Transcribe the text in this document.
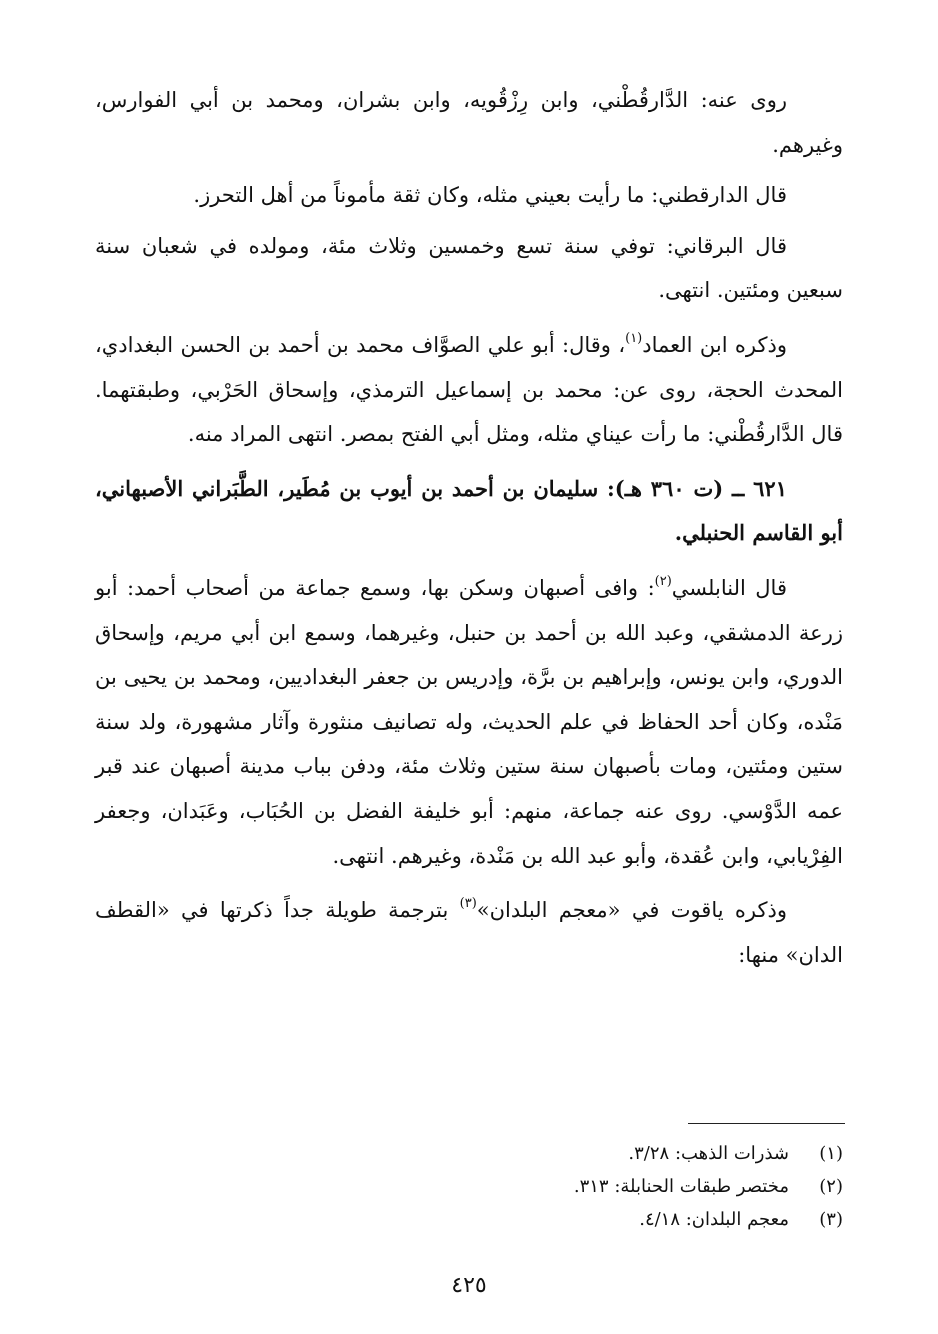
روى عنه: الدَّارقُطْني، وابن رِزْقُويه، وابن بشران، ومحمد بن أبي الفوارس، وغيرهم.

قال الدارقطني: ما رأيت بعيني مثله، وكان ثقة مأموناً من أهل التحرز.

قال البرقاني: توفي سنة تسع وخمسين وثلاث مئة، ومولده في شعبان سنة سبعين ومئتين. انتهى.

وذكره ابن العماد$^{(١)}$، وقال: أبو علي الصوَّاف محمد بن أحمد بن الحسن البغدادي، المحدث الحجة، روى عن: محمد بن إسماعيل الترمذي، وإسحاق الحَرْبي، وطبقتهما. قال الدَّارقُطْني: ما رأت عيناي مثله، ومثل أبي الفتح بمصر. انتهى المراد منه.

٦٢١ ــ (ت ٣٦٠ هـ): سليمان بن أحمد بن أيوب بن مُطَير، الطَّبَراني الأصبهاني، أبو القاسم الحنبلي.

قال النابلسي$^{(٢)}$: وافى أصبهان وسكن بها، وسمع جماعة من أصحاب أحمد: أبو زرعة الدمشقي، وعبد الله بن أحمد بن حنبل، وغيرهما، وسمع ابن أبي مريم، وإسحاق الدوري، وابن يونس، وإبراهيم بن برَّة، وإدريس بن جعفر البغداديين، ومحمد بن يحيى بن مَنْده، وكان أحد الحفاظ في علم الحديث، وله تصانيف منثورة وآثار مشهورة، ولد سنة ستين ومئتين، ومات بأصبهان سنة ستين وثلاث مئة، ودفن بباب مدينة أصبهان عند قبر عمه الدَّوْسي. روى عنه جماعة، منهم: أبو خليفة الفضل بن الحُبَاب، وعَبَدان، وجعفر الفِرْيابي، وابن عُقدة، وأبو عبد الله بن مَنْدة، وغيرهم. انتهى.

وذكره ياقوت في «معجم البلدان»$^{(٣)}$ بترجمة طويلة جداً ذكرتها في «القطف الدان» منها:

(١)
شذرات الذهب: ٣/٢٨.
(٢)
مختصر طبقات الحنابلة: ٣١٣.
(٣)
معجم البلدان: ٤/١٨.
٤٢٥
